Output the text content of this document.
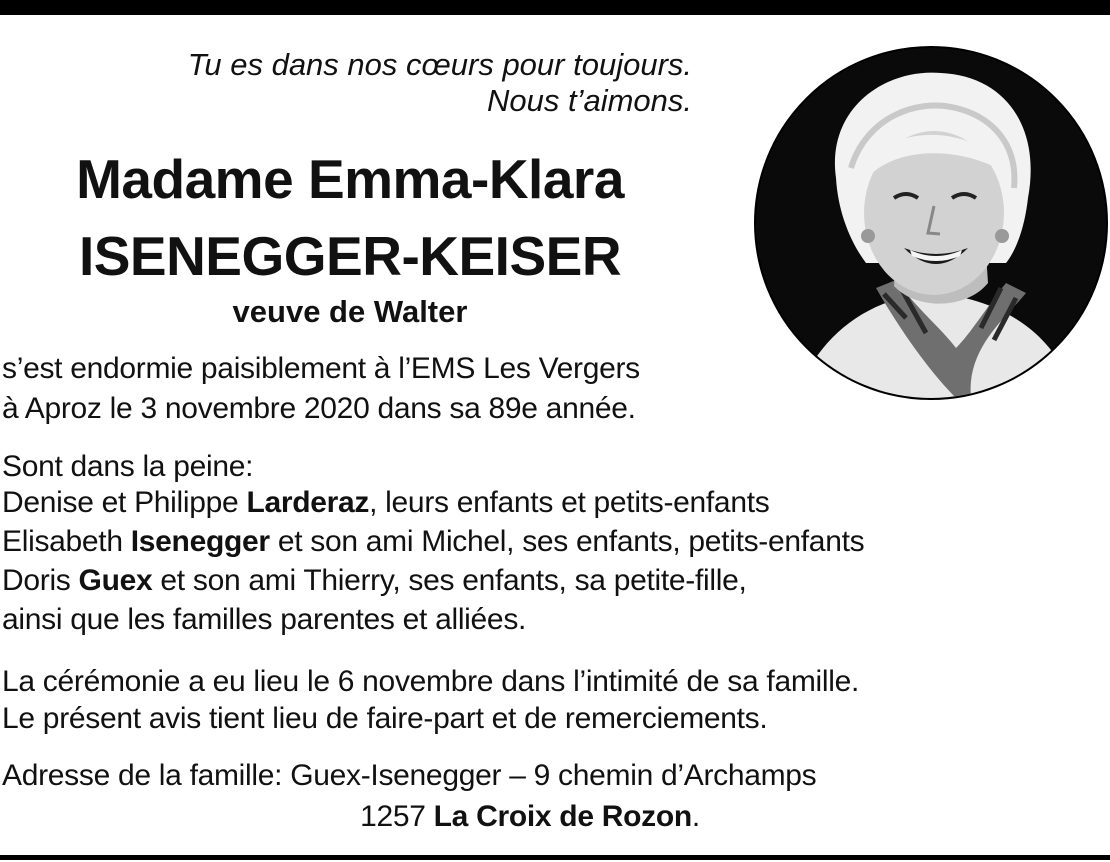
Tu es dans nos cœurs pour toujours.
Nous t’aimons.
Madame Emma-Klara
ISENEGGER-KEISER
veuve de Walter
s’est endormie paisiblement à l’EMS Les Vergers
à Aproz le 3 novembre 2020 dans sa 89e année.
Sont dans la peine:
Denise et Philippe Larderaz, leurs enfants et petits-enfants
Elisabeth Isenegger et son ami Michel, ses enfants, petits-enfants
Doris Guex et son ami Thierry, ses enfants, sa petite-fille,
ainsi que les familles parentes et alliées.
La cérémonie a eu lieu le 6 novembre dans l’intimité de sa famille.
Le présent avis tient lieu de faire-part et de remerciements.
Adresse de la famille: Guex-Isenegger – 9 chemin d’Archamps
1257 La Croix de Rozon.
